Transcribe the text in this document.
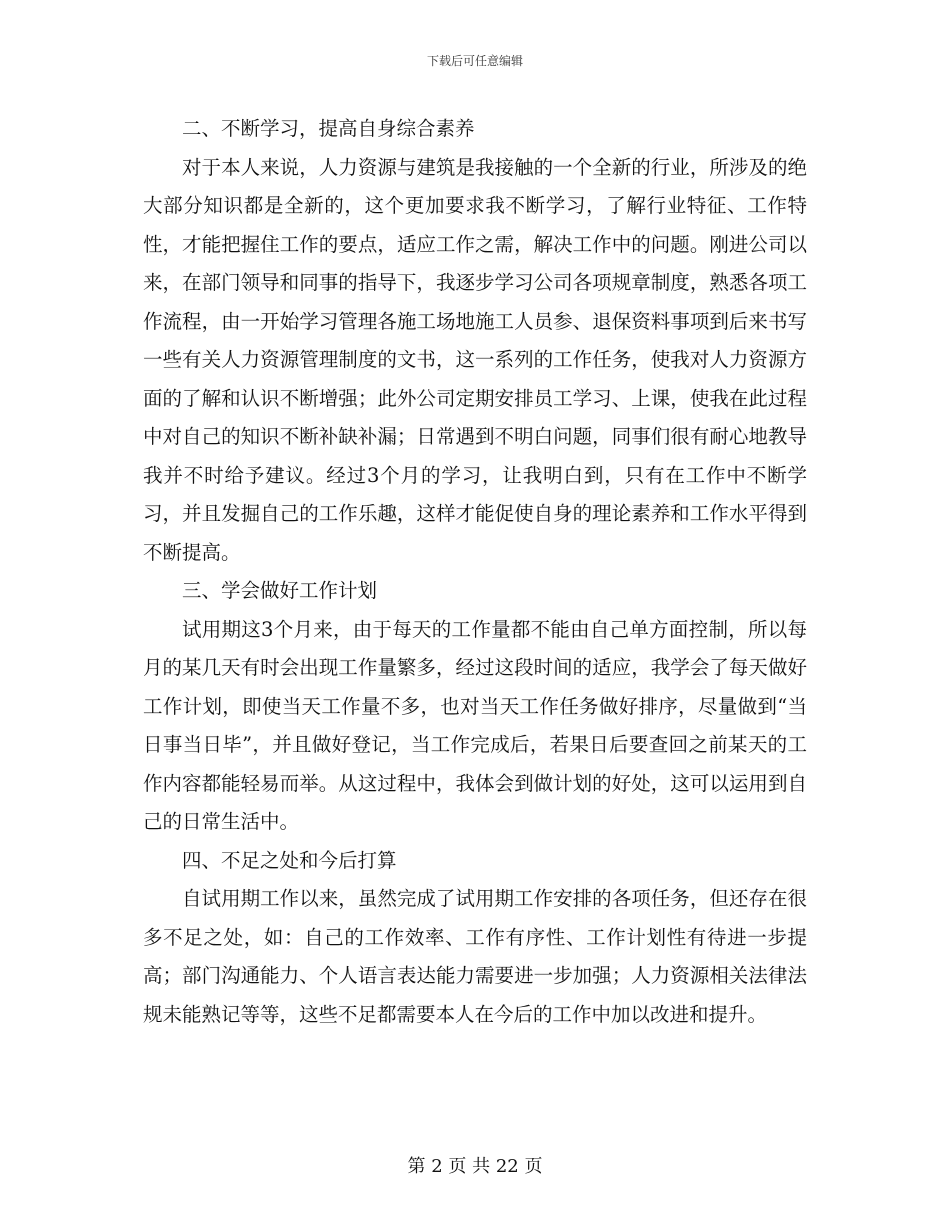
下载后可任意编辑

二、不断学习，提高自身综合素养

对于本人来说，人力资源与建筑是我接触的一个全新的行业，所涉及的绝大部分知识都是全新的，这个更加要求我不断学习，了解行业特征、工作特性，才能把握住工作的要点，适应工作之需，解决工作中的问题。刚进公司以来，在部门领导和同事的指导下，我逐步学习公司各项规章制度，熟悉各项工作流程，由一开始学习管理各施工场地施工人员参、退保资料事项到后来书写一些有关人力资源管理制度的文书，这一系列的工作任务，使我对人力资源方面的了解和认识不断增强；此外公司定期安排员工学习、上课，使我在此过程中对自己的知识不断补缺补漏；日常遇到不明白问题，同事们很有耐心地教导我并不时给予建议。经过3个月的学习，让我明白到，只有在工作中不断学习，并且发掘自己的工作乐趣，这样才能促使自身的理论素养和工作水平得到不断提高。

三、学会做好工作计划

试用期这3个月来，由于每天的工作量都不能由自己单方面控制，所以每月的某几天有时会出现工作量繁多，经过这段时间的适应，我学会了每天做好工作计划，即使当天工作量不多，也对当天工作任务做好排序，尽量做到“当日事当日毕”，并且做好登记，当工作完成后，若果日后要查回之前某天的工作内容都能轻易而举。从这过程中，我体会到做计划的好处，这可以运用到自己的日常生活中。

四、不足之处和今后打算

自试用期工作以来，虽然完成了试用期工作安排的各项任务，但还存在很多不足之处，如：自己的工作效率、工作有序性、工作计划性有待进一步提高；部门沟通能力、个人语言表达能力需要进一步加强；人力资源相关法律法规未能熟记等等，这些不足都需要本人在今后的工作中加以改进和提升。

第 2 页 共 22 页
